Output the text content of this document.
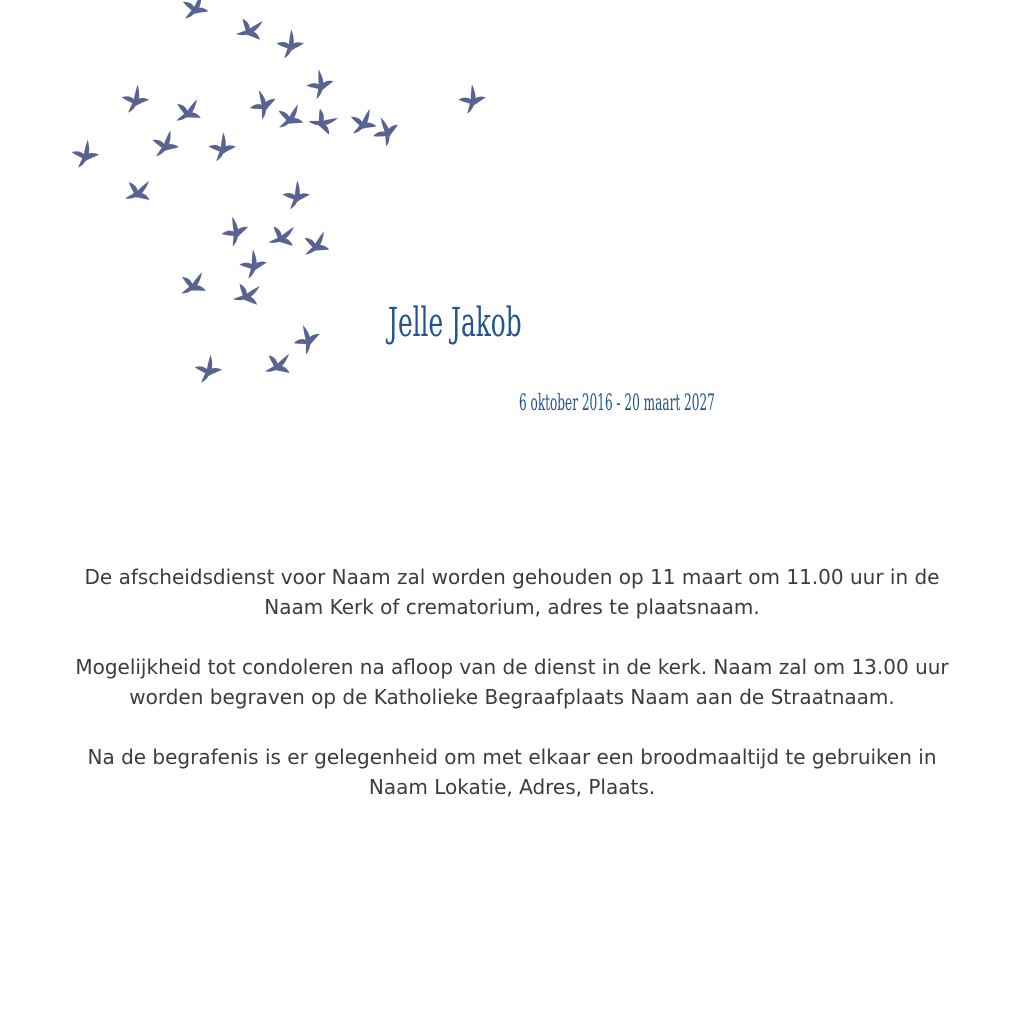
Jelle Jakob
6 oktober 2016 - 20 maart 2027

De afscheidsdienst voor Naam zal worden gehouden op 11 maart om 11.00 uur in de Naam Kerk of crematorium, adres te plaatsnaam.

Mogelijkheid tot condoleren na afloop van de dienst in de kerk. Naam zal om 13.00 uur worden begraven op de Katholieke Begraafplaats Naam aan de Straatnaam.

Na de begrafenis is er gelegenheid om met elkaar een broodmaaltijd te gebruiken in Naam Lokatie, Adres, Plaats.
